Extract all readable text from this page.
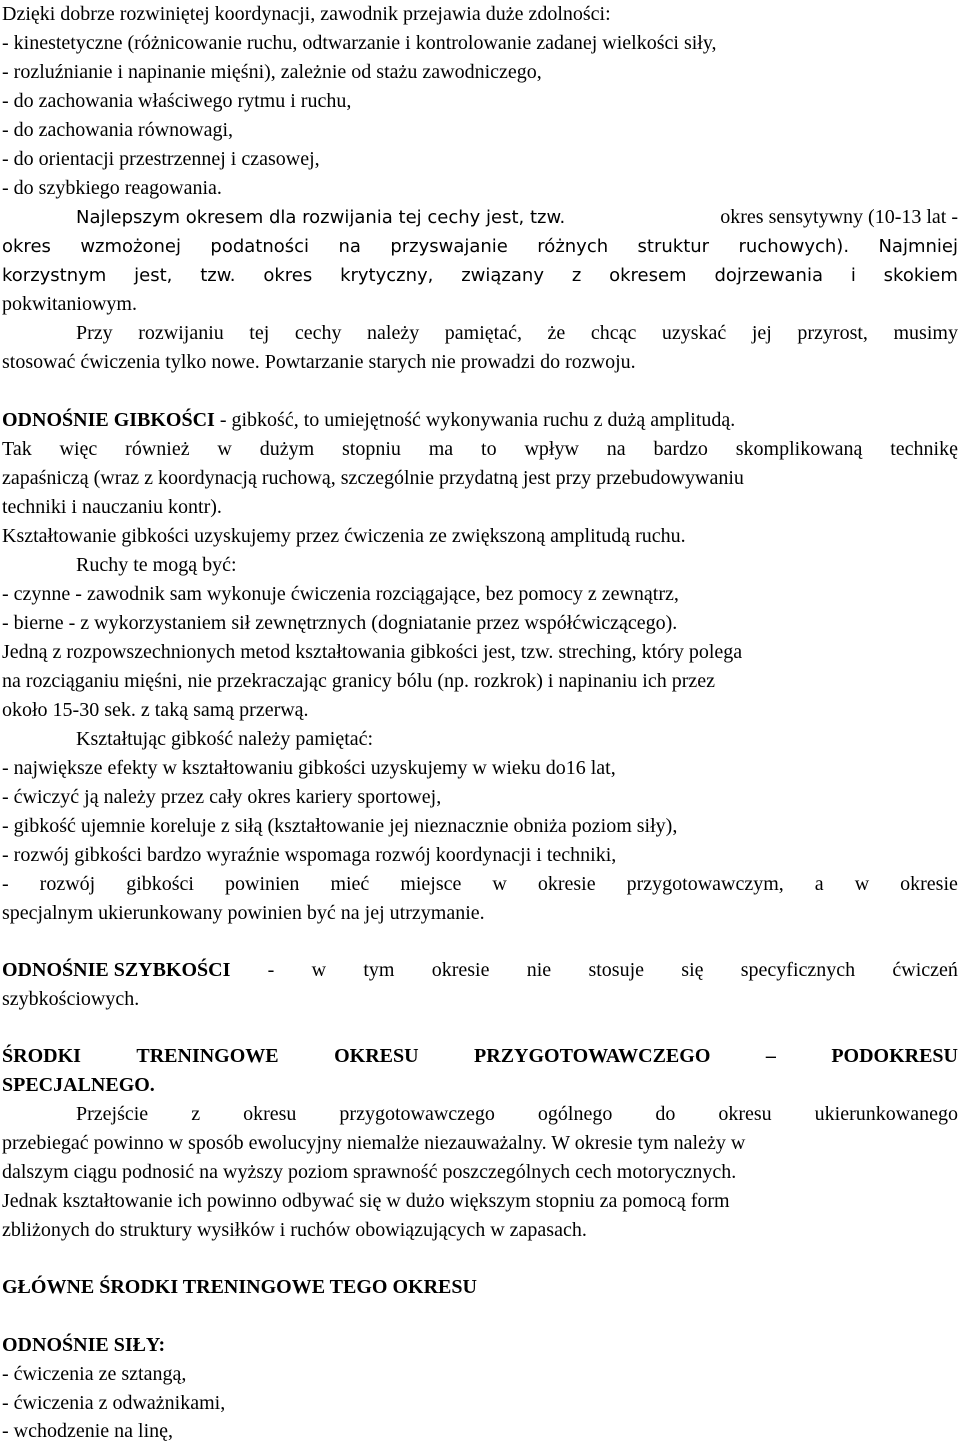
Dzięki dobrze rozwiniętej koordynacji, zawodnik przejawia duże zdolności:
- kinestetyczne (różnicowanie ruchu, odtwarzanie i kontrolowanie zadanej wielkości siły,
- rozluźnianie i napinanie mięśni), zależnie od stażu zawodniczego,
- do zachowania właściwego rytmu i ruchu,
- do zachowania równowagi,
- do orientacji przestrzennej i czasowej,
- do szybkiego reagowania.
Najlepszym okresem dla rozwijania tej cechy jest, tzw.	okres sensytywny (10-13 lat -
okres wzmożonej podatności na przyswajanie różnych struktur ruchowych). Najmniej
korzystnym jest, tzw. okres krytyczny, związany z okresem dojrzewania i skokiem
pokwitaniowym.
Przy rozwijaniu tej cechy należy pamiętać, że chcąc uzyskać jej przyrost, musimy
stosować ćwiczenia tylko nowe. Powtarzanie starych nie prowadzi do rozwoju.
ODNOŚNIE GIBKOŚCI - gibkość, to umiejętność wykonywania ruchu z dużą amplitudą.
Tak więc również w dużym stopniu ma to wpływ na bardzo skomplikowaną technikę
zapaśniczą (wraz z koordynacją ruchową, szczególnie przydatną jest przy przebudowywaniu
techniki i nauczaniu kontr).
Kształtowanie gibkości uzyskujemy przez ćwiczenia ze zwiększoną amplitudą ruchu.
Ruchy te mogą być:
- czynne - zawodnik sam wykonuje ćwiczenia rozciągające, bez pomocy z zewnątrz,
- bierne - z wykorzystaniem sił zewnętrznych (dogniatanie przez współćwiczącego).
Jedną z rozpowszechnionych metod kształtowania gibkości jest, tzw. streching, który polega
na rozciąganiu mięśni, nie przekraczając granicy bólu (np. rozkrok) i napinaniu ich przez
około 15-30 sek. z taką samą przerwą.
Kształtując gibkość należy pamiętać:
- największe efekty w kształtowaniu gibkości uzyskujemy w wieku do16 lat,
- ćwiczyć ją należy przez cały okres kariery sportowej,
- gibkość ujemnie koreluje z siłą (kształtowanie jej nieznacznie obniża poziom siły),
- rozwój gibkości bardzo wyraźnie wspomaga rozwój koordynacji i techniki,
- rozwój gibkości powinien mieć miejsce w okresie przygotowawczym, a w okresie
specjalnym ukierunkowany powinien być na jej utrzymanie.
ODNOŚNIE SZYBKOŚCI - w tym okresie nie stosuje się specyficznych ćwiczeń
szybkościowych.
ŚRODKI	TRENINGOWE	OKRESU	PRZYGOTOWAWCZEGO	–	PODOKRESU
SPECJALNEGO.
Przejście z okresu przygotowawczego ogólnego do okresu ukierunkowanego
przebiegać powinno w sposób ewolucyjny niemalże niezauważalny. W okresie tym należy w
dalszym ciągu podnosić na wyższy poziom sprawność poszczególnych cech motorycznych.
Jednak kształtowanie ich powinno odbywać się w dużo większym stopniu za pomocą form
zbliżonych do struktury wysiłków i ruchów obowiązujących w zapasach.
GŁÓWNE ŚRODKI TRENINGOWE TEGO OKRESU
ODNOŚNIE SIŁY:
- ćwiczenia ze sztangą,
- ćwiczenia z odważnikami,
- wchodzenie na linę,
